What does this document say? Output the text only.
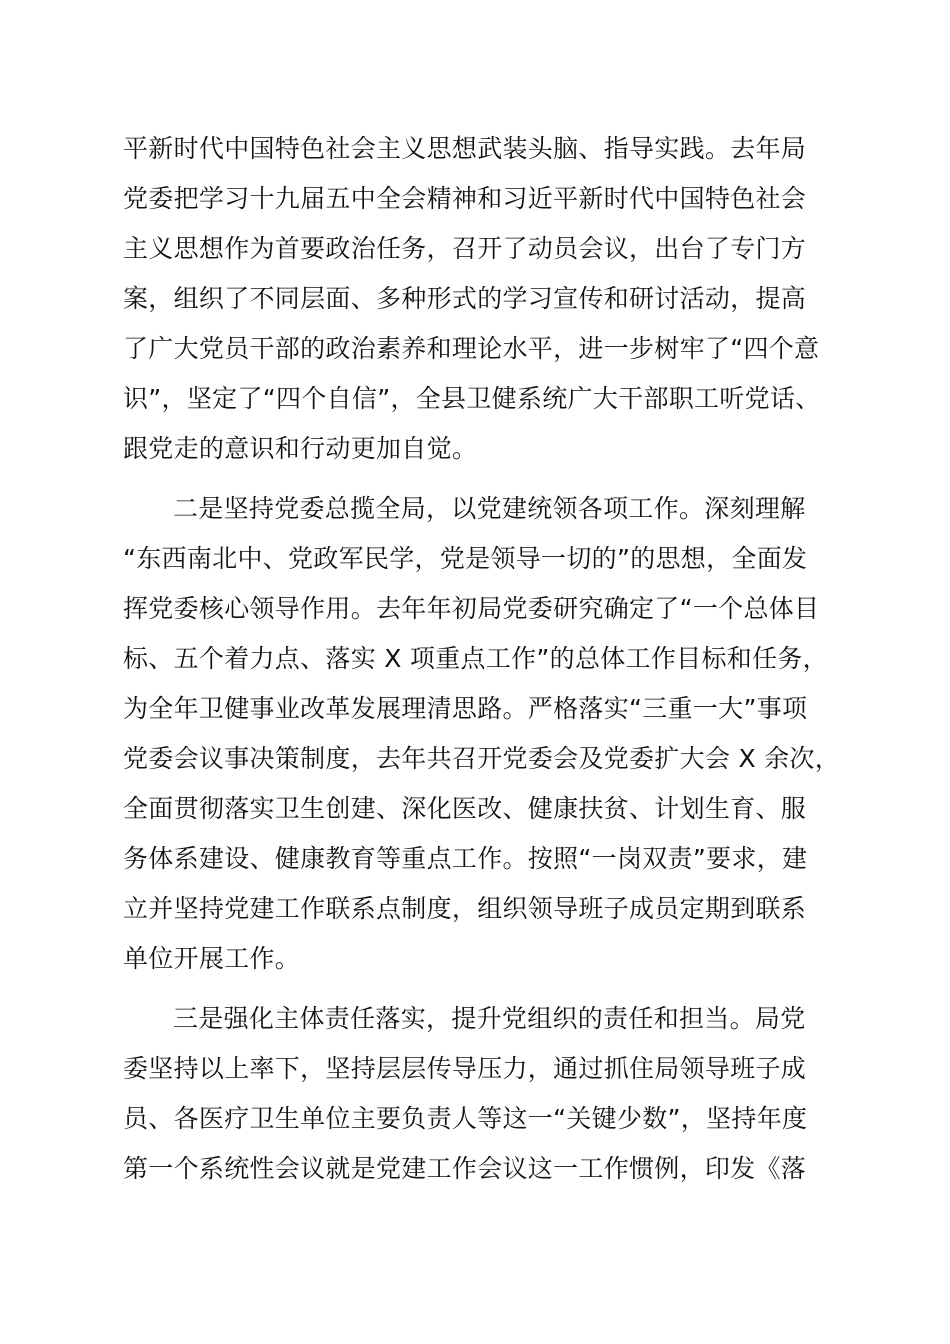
平新时代中国特色社会主义思想武装头脑、指导实践。去年局
党委把学习十九届五中全会精神和习近平新时代中国特色社会
主义思想作为首要政治任务，召开了动员会议，出台了专门方
案，组织了不同层面、多种形式的学习宣传和研讨活动，提高
了广大党员干部的政治素养和理论水平，进一步树牢了“四个意
识”，坚定了“四个自信”，全县卫健系统广大干部职工听党话、
跟党走的意识和行动更加自觉。
二是坚持党委总揽全局，以党建统领各项工作。深刻理解
“东西南北中、党政军民学，党是领导一切的”的思想，全面发
挥党委核心领导作用。去年年初局党委研究确定了“一个总体目
标、五个着力点、落实 X 项重点工作”的总体工作目标和任务，
为全年卫健事业改革发展理清思路。严格落实“三重一大”事项
党委会议事决策制度，去年共召开党委会及党委扩大会 X 余次，
全面贯彻落实卫生创建、深化医改、健康扶贫、计划生育、服
务体系建设、健康教育等重点工作。按照“一岗双责”要求，建
立并坚持党建工作联系点制度，组织领导班子成员定期到联系
单位开展工作。
三是强化主体责任落实，提升党组织的责任和担当。局党
委坚持以上率下，坚持层层传导压力，通过抓住局领导班子成
员、各医疗卫生单位主要负责人等这一“关键少数”，坚持年度
第一个系统性会议就是党建工作会议这一工作惯例，印发《落
